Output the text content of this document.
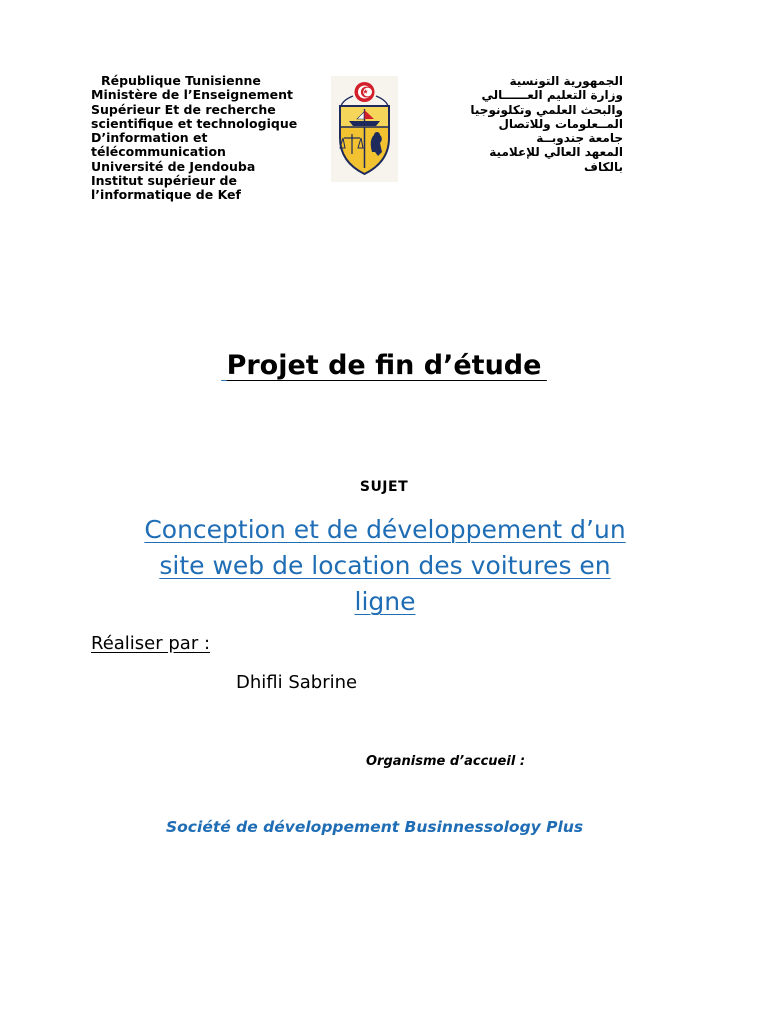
République Tunisienne
Ministère de l’Enseignement
Supérieur Et de recherche
scientifique et technologique
D’information et
télécommunication
Université de Jendouba
Institut supérieur de
l’informatique de Kef
الجمهورية التونسية
وزارة التعليم العــــــالي
والبحث العلمي وتكلونوجيا
المــعلومات وللاتصال
جامعة جندوبــة
المعهد العالي للإعلامية
بالكاف
 Projet de fin d’étude 
SUJET
Conception et de développement d’un
site web de location des voitures en
ligne
Réaliser par :
Dhifli Sabrine
Organisme d’accueil :
Société de développement Businnessology Plus
